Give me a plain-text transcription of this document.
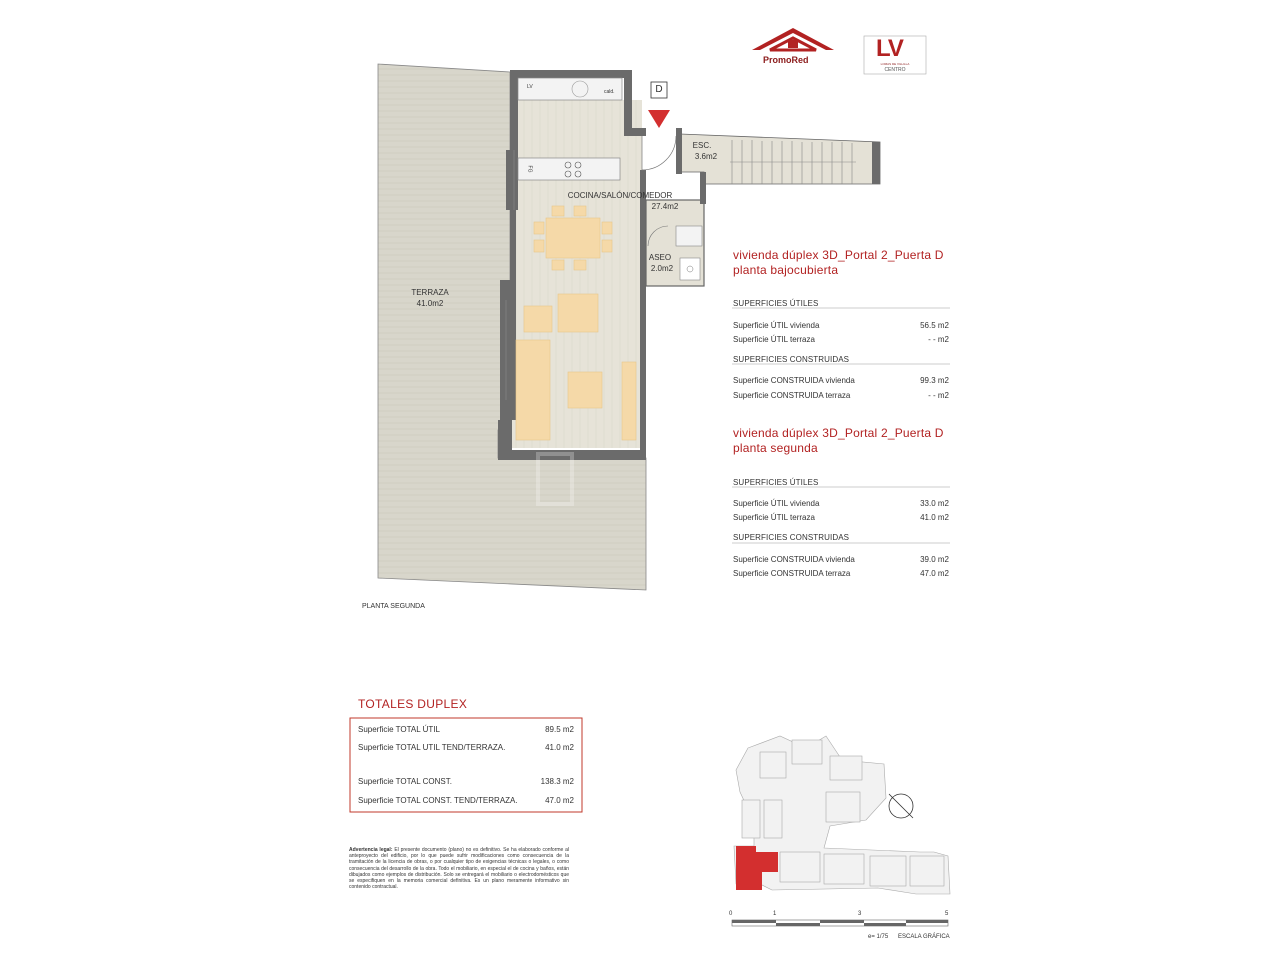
PromoRed	LV
LOMAS DE VILLILLA
CENTRO
D
LV
cald.
FG
ESC.
3.6m2
COCINA/SALÓN/COMEDOR
27.4m2
ASEO
2.0m2
TERRAZA
41.0m2
PLANTA SEGUNDA
vivienda dúplex 3D_Portal 2_Puerta D
planta bajocubierta
SUPERFICIES ÚTILES
Superficie ÚTIL vivienda	56.5 m2
Superficie ÚTIL terraza	- - m2
SUPERFICIES CONSTRUIDAS
Superficie CONSTRUIDA vivienda	99.3 m2
Superficie CONSTRUIDA terraza	- - m2
vivienda dúplex 3D_Portal 2_Puerta D
planta segunda
SUPERFICIES ÚTILES
Superficie ÚTIL vivienda	33.0 m2
Superficie ÚTIL terraza	41.0 m2
SUPERFICIES CONSTRUIDAS
Superficie CONSTRUIDA vivienda	39.0 m2
Superficie CONSTRUIDA terraza	47.0 m2
TOTALES DUPLEX
Superficie TOTAL ÚTIL	89.5 m2
Superficie TOTAL UTIL TEND/TERRAZA.	41.0 m2
Superficie TOTAL CONST.	138.3 m2
Superficie TOTAL CONST. TEND/TERRAZA.	47.0 m2
Advertencia legal: El presente documento (plano) no es definitivo. Se ha elaborado conforme al anteproyecto del edificio, por lo que puede sufrir modificaciones como consecuencia de la tramitación de la licencia de obras, o por cualquier tipo de exigencias técnicas o legales, o como consecuencia del desarrollo de la obra. Todo el mobiliario, en especial el de cocina y baños, están dibujados como ejemplos de distribución. Solo se entregará el mobiliario o electrodomésticos que se especifiquen en la memoria comercial definitiva. Es un plano meramente informativo sin contenido contractual.
0	1	3	5
e= 1/75 ESCALA GRÁFICA
